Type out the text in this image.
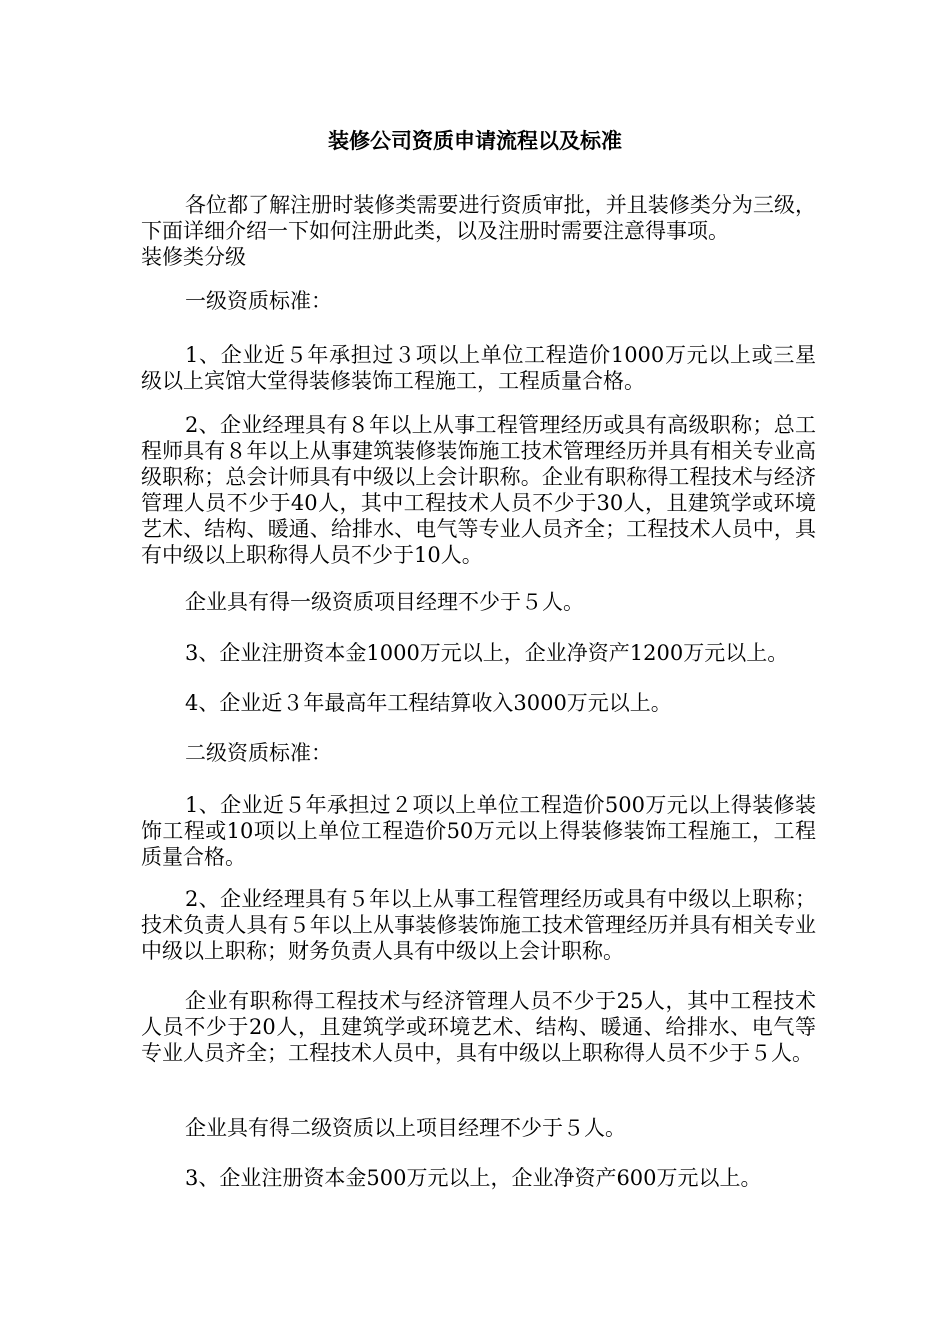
装修公司资质申请流程以及标准

各位都了解注册时装修类需要进行资质审批，并且装修类分为三级，下面详细介绍一下如何注册此类，以及注册时需要注意得事项。

装修类分级

一级资质标准：

1、企业近５年承担过３项以上单位工程造价1000万元以上或三星级以上宾馆大堂得装修装饰工程施工，工程质量合格。

2、企业经理具有８年以上从事工程管理经历或具有高级职称；总工程师具有８年以上从事建筑装修装饰施工技术管理经历并具有相关专业高级职称；总会计师具有中级以上会计职称。企业有职称得工程技术与经济管理人员不少于40人，其中工程技术人员不少于30人，且建筑学或环境艺术、结构、暖通、给排水、电气等专业人员齐全；工程技术人员中，具有中级以上职称得人员不少于10人。

企业具有得一级资质项目经理不少于５人。

3、企业注册资本金1000万元以上，企业净资产1200万元以上。

4、企业近３年最高年工程结算收入3000万元以上。

二级资质标准：

1、企业近５年承担过２项以上单位工程造价500万元以上得装修装饰工程或10项以上单位工程造价50万元以上得装修装饰工程施工，工程质量合格。

2、企业经理具有５年以上从事工程管理经历或具有中级以上职称；技术负责人具有５年以上从事装修装饰施工技术管理经历并具有相关专业中级以上职称；财务负责人具有中级以上会计职称。

企业有职称得工程技术与经济管理人员不少于25人，其中工程技术人员不少于20人，且建筑学或环境艺术、结构、暖通、给排水、电气等专业人员齐全；工程技术人员中，具有中级以上职称得人员不少于５人。

企业具有得二级资质以上项目经理不少于５人。

3、企业注册资本金500万元以上，企业净资产600万元以上。
